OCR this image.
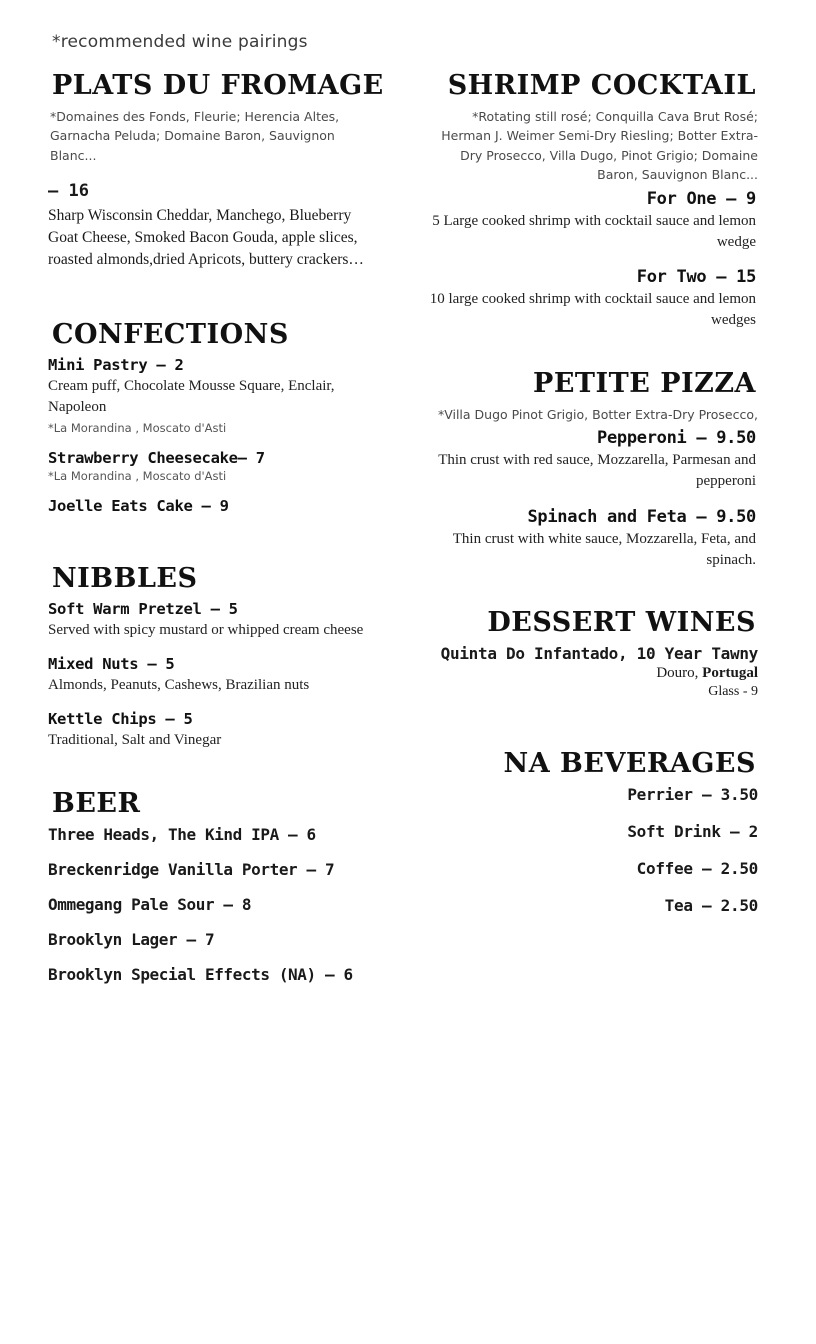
*recommended wine pairings
PLATS DU FROMAGE

*Domaines des Fonds, Fleurie; Herencia Altes, Garnacha Peluda; Domaine Baron, Sauvignon Blanc...

– 16

Sharp Wisconsin Cheddar, Manchego, Blueberry Goat Cheese, Smoked Bacon Gouda, apple slices, roasted almonds,dried Apricots, buttery crackers…

CONFECTIONS

Mini Pastry – 2

Cream puff, Chocolate Mousse Square, Enclair, Napoleon

*La Morandina , Moscato d'Asti

Strawberry Cheesecake– 7

*La Morandina , Moscato d'Asti

Joelle Eats Cake – 9

NIBBLES

Soft Warm Pretzel – 5

Served with spicy mustard or whipped cream cheese

Mixed Nuts – 5

Almonds, Peanuts, Cashews, Brazilian nuts

Kettle Chips – 5

Traditional, Salt and Vinegar

BEER

Three Heads, The Kind IPA – 6

Breckenridge Vanilla Porter – 7

Ommegang Pale Sour – 8

Brooklyn Lager – 7

Brooklyn Special Effects (NA) – 6

SHRIMP COCKTAIL

*Rotating still rosé; Conquilla Cava Brut Rosé; Herman J. Weimer Semi-Dry Riesling; Botter Extra-Dry Prosecco, Villa Dugo, Pinot Grigio; Domaine Baron, Sauvignon Blanc...

For One – 9

5 Large cooked shrimp with cocktail sauce and lemon wedge

For Two – 15

10 large cooked shrimp with cocktail sauce and lemon wedges

PETITE PIZZA

*Villa Dugo Pinot Grigio, Botter Extra-Dry Prosecco,

Pepperoni – 9.50

Thin crust with red sauce, Mozzarella, Parmesan and pepperoni

Spinach and Feta – 9.50

Thin crust with white sauce, Mozzarella, Feta, and spinach.

DESSERT WINES

Quinta Do Infantado, 10 Year Tawny

Douro, Portugal

Glass - 9

NA BEVERAGES

Perrier – 3.50

Soft Drink – 2

Coffee – 2.50

Tea – 2.50
